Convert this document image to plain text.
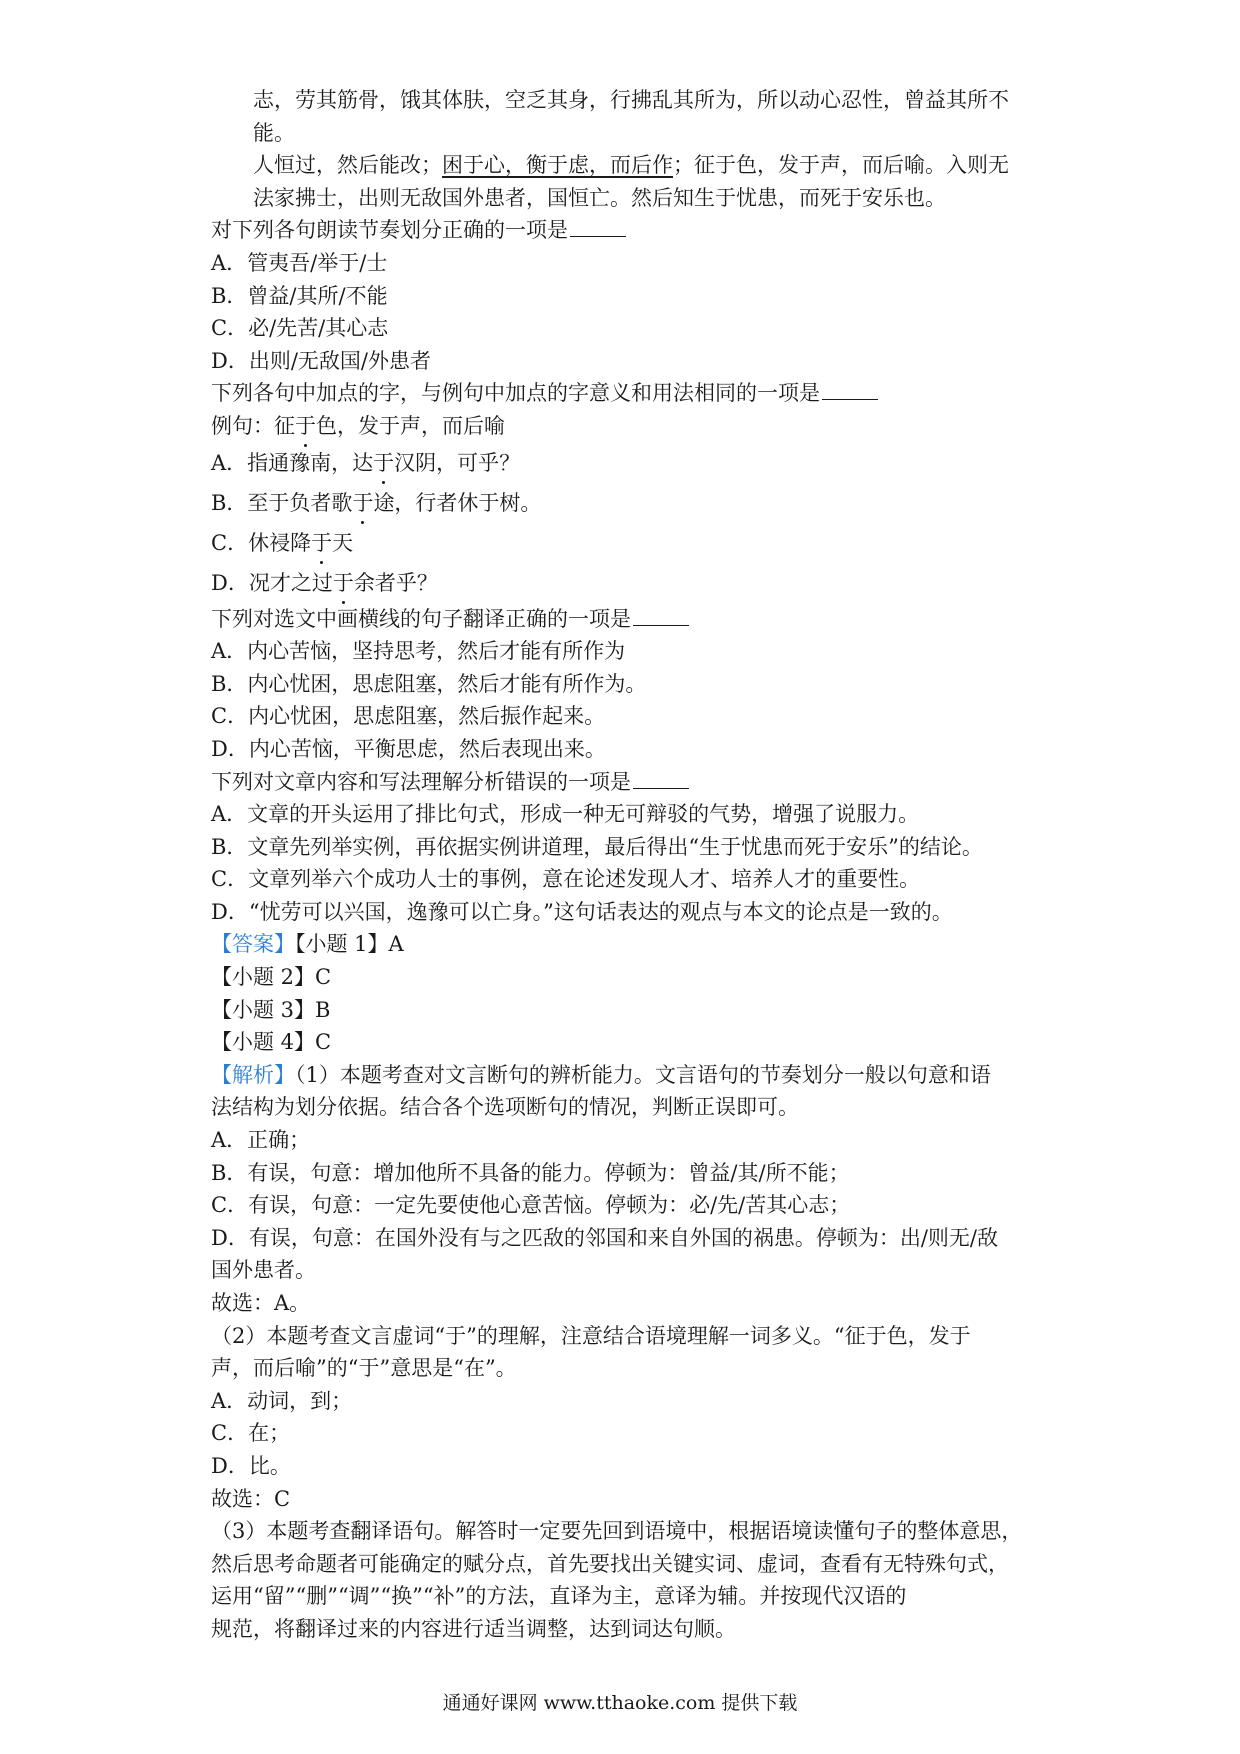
志，劳其筋骨，饿其体肤，空乏其身，行拂乱其所为，所以动心忍性，曾益其所不
能。
人恒过，然后能改；困于心，衡于虑，而后作；征于色，发于声，而后喻。入则无
法家拂士，出则无敌国外患者，国恒亡。然后知生于忧患，而死于安乐也。
对下列各句朗读节奏划分正确的一项是
A．管夷吾/举于/士
B．曾益/其所/不能
C．必/先苦/其心志
D．出则/无敌国/外患者
下列各句中加点的字，与例句中加点的字意义和用法相同的一项是
例句：征于色，发于声，而后喻
A．指通豫南，达于汉阴，可乎？
B．至于负者歌于途，行者休于树。
C．休祲降于天
D．况才之过于余者乎？
下列对选文中画横线的句子翻译正确的一项是
A．内心苦恼，坚持思考，然后才能有所作为
B．内心忧困，思虑阻塞，然后才能有所作为。
C．内心忧困，思虑阻塞，然后振作起来。
D．内心苦恼，平衡思虑，然后表现出来。
下列对文章内容和写法理解分析错误的一项是
A．文章的开头运用了排比句式，形成一种无可辩驳的气势，增强了说服力。
B．文章先列举实例，再依据实例讲道理，最后得出“生于忧患而死于安乐”的结论。
C．文章列举六个成功人士的事例，意在论述发现人才、培养人才的重要性。
D．“忧劳可以兴国，逸豫可以亡身。”这句话表达的观点与本文的论点是一致的。
【答案】【小题 1】A
【小题 2】C
【小题 3】B
【小题 4】C
【解析】（1）本题考查对文言断句的辨析能力。文言语句的节奏划分一般以句意和语
法结构为划分依据。结合各个选项断句的情况，判断正误即可。
A．正确；
B．有误，句意：增加他所不具备的能力。停顿为：曾益/其/所不能；
C．有误，句意：一定先要使他心意苦恼。停顿为：必/先/苦其心志；
D．有误，句意：在国外没有与之匹敌的邻国和来自外国的祸患。停顿为：出/则无/敌
国外患者。
故选：A。
（2）本题考查文言虚词“于”的理解，注意结合语境理解一词多义。“征于色，发于
声，而后喻”的“于”意思是“在”。
A．动词，到；
C．在；
D．比。
故选：C
（3）本题考查翻译语句。解答时一定要先回到语境中，根据语境读懂句子的整体意思，
然后思考命题者可能确定的赋分点，首先要找出关键实词、虚词，查看有无特殊句式，
运用“留”“删”“调”“换”“补”的方法，直译为主，意译为辅。并按现代汉语的
规范，将翻译过来的内容进行适当调整，达到词达句顺。
通通好课网 www.tthaoke.com 提供下载
